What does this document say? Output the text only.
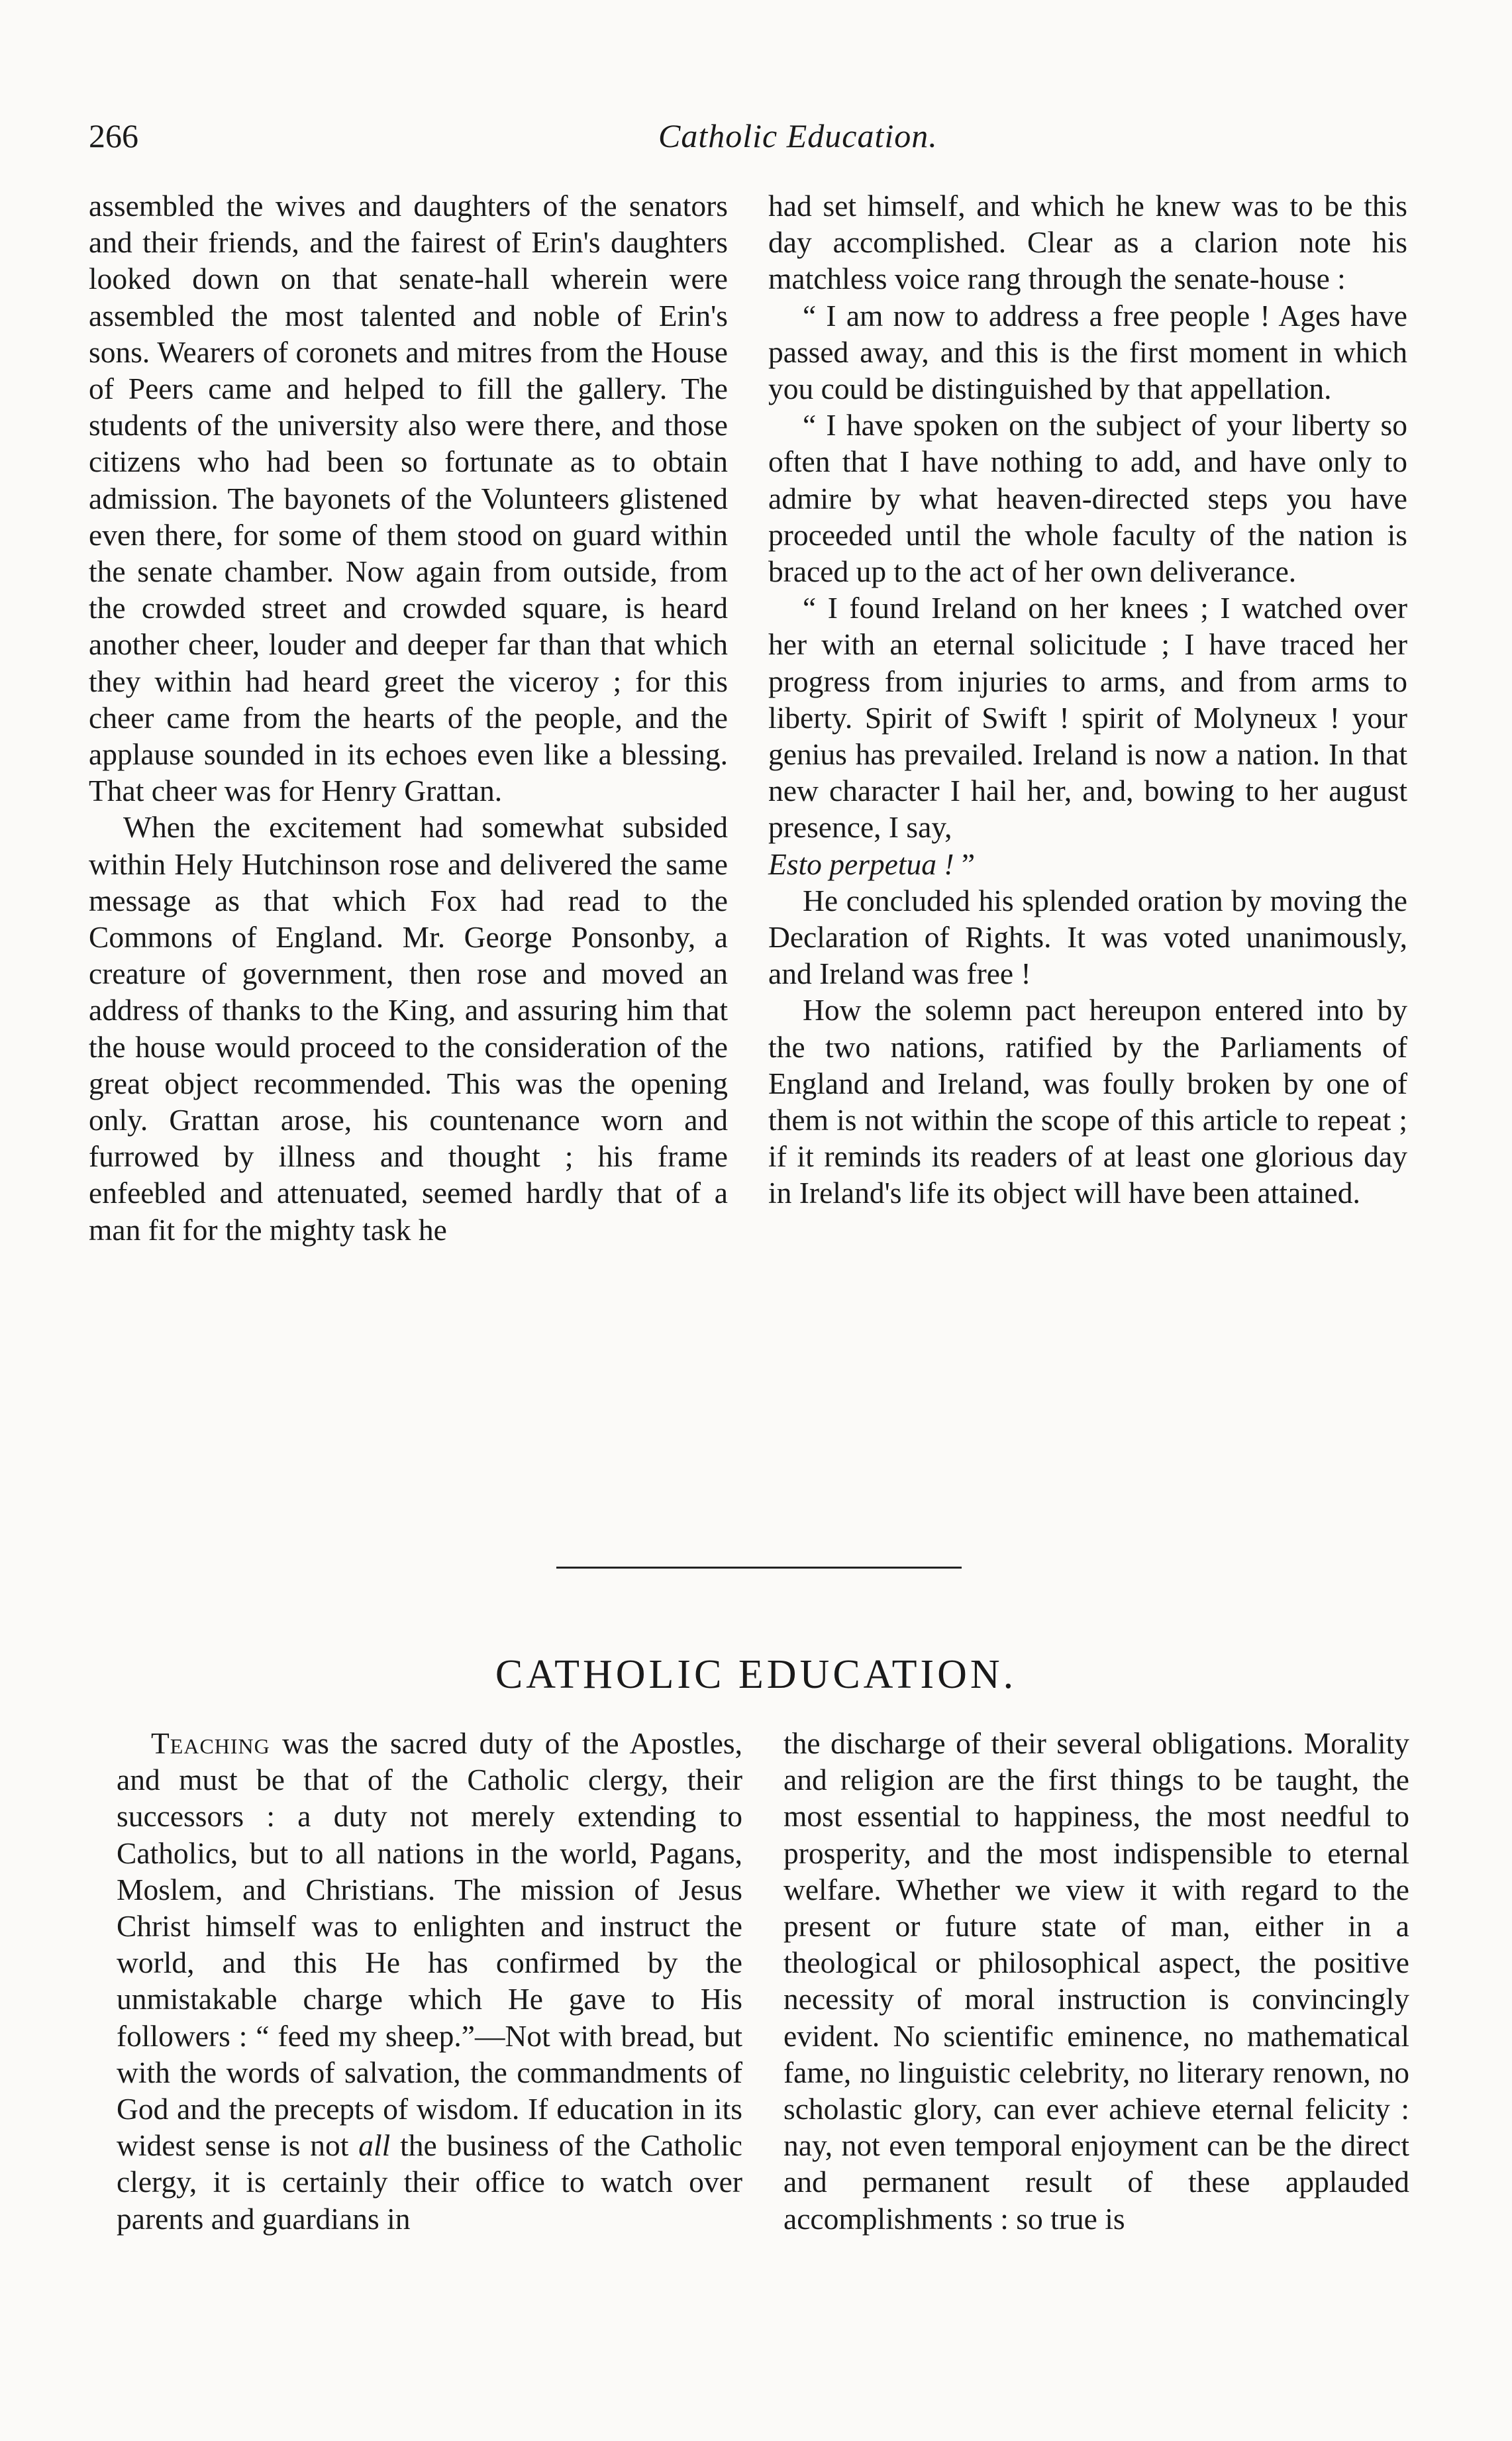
266	Catholic Education.

assembled the wives and daughters of the senators and their friends, and the fairest of Erin's daughters looked down on that senate-hall wherein were assembled the most talented and noble of Erin's sons. Wearers of coronets and mitres from the House of Peers came and helped to fill the gallery. The students of the university also were there, and those citizens who had been so fortunate as to obtain admission. The bayonets of the Volunteers glistened even there, for some of them stood on guard within the senate chamber. Now again from outside, from the crowded street and crowded square, is heard another cheer, louder and deeper far than that which they within had heard greet the viceroy ; for this cheer came from the hearts of the people, and the applause sounded in its echoes even like a blessing. That cheer was for Henry Grattan.

When the excitement had somewhat subsided within Hely Hutchinson rose and delivered the same message as that which Fox had read to the Commons of England. Mr. George Ponsonby, a creature of government, then rose and moved an address of thanks to the King, and assuring him that the house would proceed to the consideration of the great object recommended. This was the opening only. Grattan arose, his countenance worn and furrowed by illness and thought ; his frame enfeebled and attenuated, seemed hardly that of a man fit for the mighty task he

had set himself, and which he knew was to be this day accomplished. Clear as a clarion note his matchless voice rang through the senate-house :

“ I am now to address a free people ! Ages have passed away, and this is the first moment in which you could be distinguished by that appellation.

“ I have spoken on the subject of your liberty so often that I have nothing to add, and have only to admire by what heaven-directed steps you have proceeded until the whole faculty of the nation is braced up to the act of her own deliverance.

“ I found Ireland on her knees ; I watched over her with an eternal solicitude ; I have traced her progress from injuries to arms, and from arms to liberty. Spirit of Swift ! spirit of Molyneux ! your genius has prevailed. Ireland is now a nation. In that new character I hail her, and, bowing to her august presence, I say,
Esto perpetua ! ”

He concluded his splended oration by moving the Declaration of Rights. It was voted unanimously, and Ireland was free !

How the solemn pact hereupon entered into by the two nations, ratified by the Parliaments of England and Ireland, was foully broken by one of them is not within the scope of this article to repeat ; if it reminds its readers of at least one glorious day in Ireland's life its object will have been attained.

CATHOLIC EDUCATION.

Teaching was the sacred duty of the Apostles, and must be that of the Catholic clergy, their successors : a duty not merely extending to Catholics, but to all nations in the world, Pagans, Moslem, and Christians. The mission of Jesus Christ himself was to enlighten and instruct the world, and this He has confirmed by the unmistakable charge which He gave to His followers : “ feed my sheep.”—Not with bread, but with the words of salvation, the commandments of God and the precepts of wisdom. If education in its widest sense is not all the business of the Catholic clergy, it is certainly their office to watch over parents and guardians in

the discharge of their several obligations. Morality and religion are the first things to be taught, the most essential to happiness, the most needful to prosperity, and the most indispensible to eternal welfare. Whether we view it with regard to the present or future state of man, either in a theological or philosophical aspect, the positive necessity of moral instruction is convincingly evident. No scientific eminence, no mathematical fame, no linguistic celebrity, no literary renown, no scholastic glory, can ever achieve eternal felicity : nay, not even temporal enjoyment can be the direct and permanent result of these applauded accomplishments : so true is
